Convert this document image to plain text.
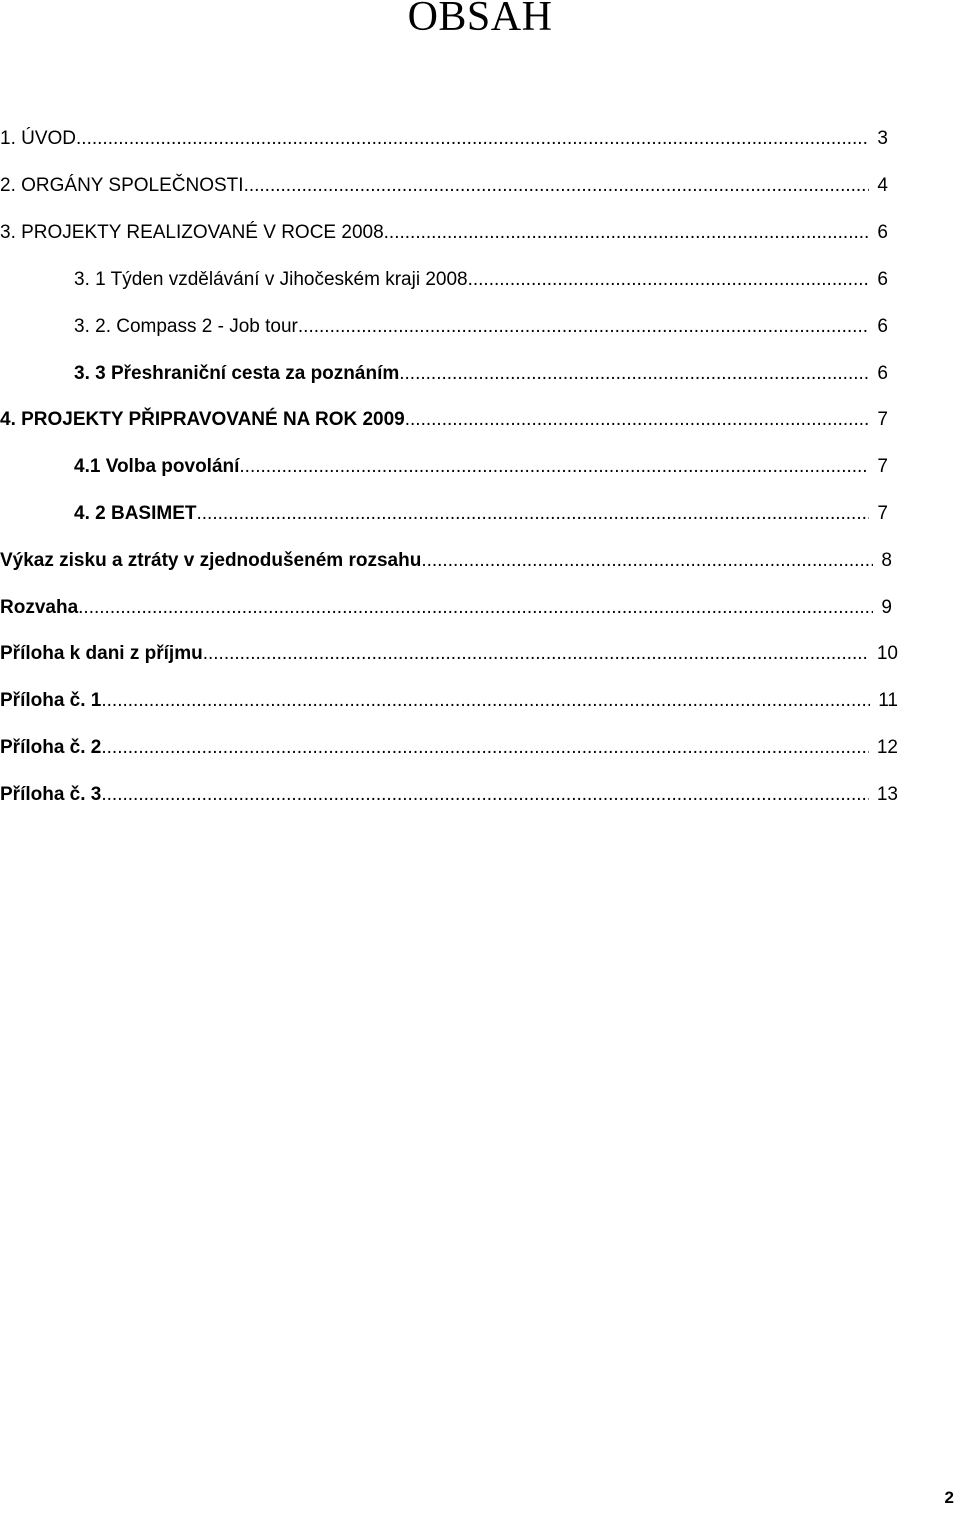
OBSAH
1. ÚVOD .....	3
2. ORGÁNY SPOLEČNOSTI .....	4
3. PROJEKTY REALIZOVANÉ V ROCE 2008 .....	6
3. 1 Týden vzdělávání v Jihočeském kraji 2008 .....	6
3. 2. Compass 2 - Job tour .....	6
3. 3 Přeshraniční cesta za poznáním .....	6
4. PROJEKTY PŘIPRAVOVANÉ NA ROK 2009 .....	7
4.1 Volba povolání .....	7
4. 2 BASIMET .....	7
Výkaz zisku a ztráty v zjednodušeném rozsahu .....	8
Rozvaha .....	9
Příloha k dani z příjmu .....	10
Příloha č. 1 .....	11
Příloha č. 2 .....	12
Příloha č. 3 .....	13
2
